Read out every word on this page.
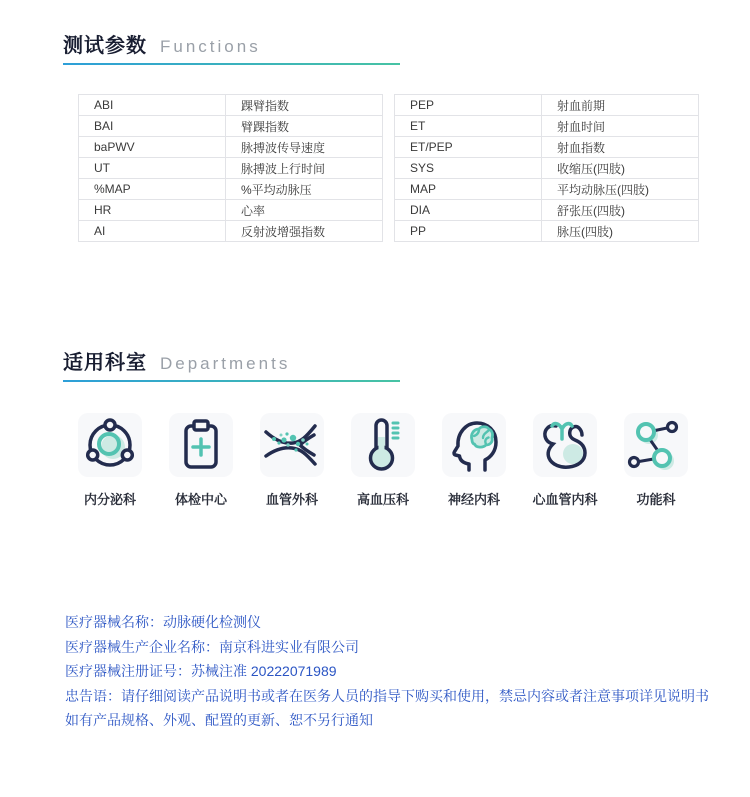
测试参数 Functions
ABI	踝臂指数
BAI	臂踝指数
baPWV	脉搏波传导速度
UT	脉搏波上行时间
%MAP	%平均动脉压
HR	心率
AI	反射波增强指数
PEP	射血前期
ET	射血时间
ET/PEP	射血指数
SYS	收缩压(四肢)
MAP	平均动脉压(四肢)
DIA	舒张压(四肢)
PP	脉压(四肢)
适用科室 Departments
内分泌科	体检中心	血管外科	高血压科	神经内科	心血管内科	功能科

医疗器械名称：动脉硬化检测仪

医疗器械生产企业名称：南京科进实业有限公司

医疗器械注册证号：苏械注准 20222071989

忠告语：请仔细阅读产品说明书或者在医务人员的指导下购买和使用，禁忌内容或者注意事项详见说明书

如有产品规格、外观、配置的更新、恕不另行通知
